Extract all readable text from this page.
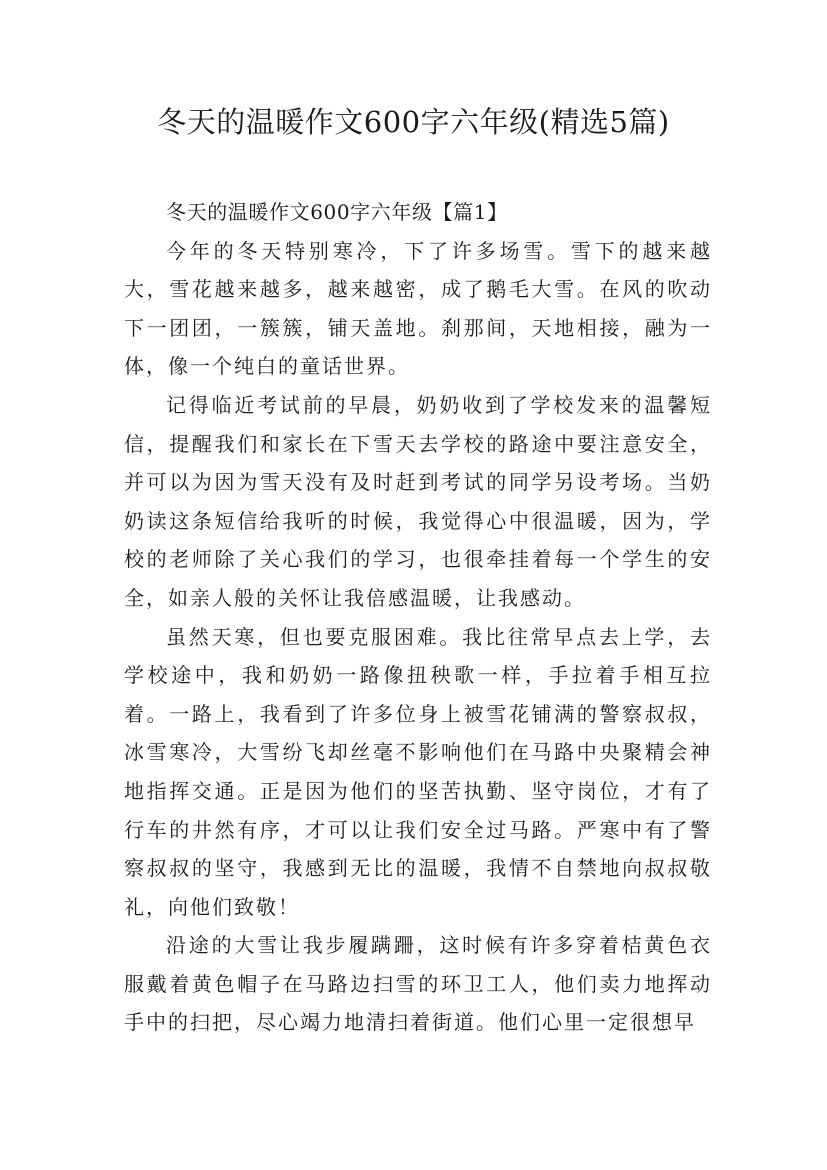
冬天的温暖作文600字六年级(精选5篇)

冬天的温暖作文600字六年级【篇1】

今年的冬天特别寒冷，下了许多场雪。雪下的越来越大，雪花越来越多，越来越密，成了鹅毛大雪。在风的吹动下一团团，一簇簇，铺天盖地。刹那间，天地相接，融为一体，像一个纯白的童话世界。

记得临近考试前的早晨，奶奶收到了学校发来的温馨短信，提醒我们和家长在下雪天去学校的路途中要注意安全，并可以为因为雪天没有及时赶到考试的同学另设考场。当奶奶读这条短信给我听的时候，我觉得心中很温暖，因为，学校的老师除了关心我们的学习，也很牵挂着每一个学生的安全，如亲人般的关怀让我倍感温暖，让我感动。

虽然天寒，但也要克服困难。我比往常早点去上学，去学校途中，我和奶奶一路像扭秧歌一样，手拉着手相互拉着。一路上，我看到了许多位身上被雪花铺满的警察叔叔，冰雪寒冷，大雪纷飞却丝毫不影响他们在马路中央聚精会神地指挥交通。正是因为他们的坚苦执勤、坚守岗位，才有了行车的井然有序，才可以让我们安全过马路。严寒中有了警察叔叔的坚守，我感到无比的温暖，我情不自禁地向叔叔敬礼，向他们致敬！

沿途的大雪让我步履蹒跚，这时候有许多穿着桔黄色衣服戴着黄色帽子在马路边扫雪的环卫工人，他们卖力地挥动手中的扫把，尽心竭力地清扫着街道。他们心里一定很想早
